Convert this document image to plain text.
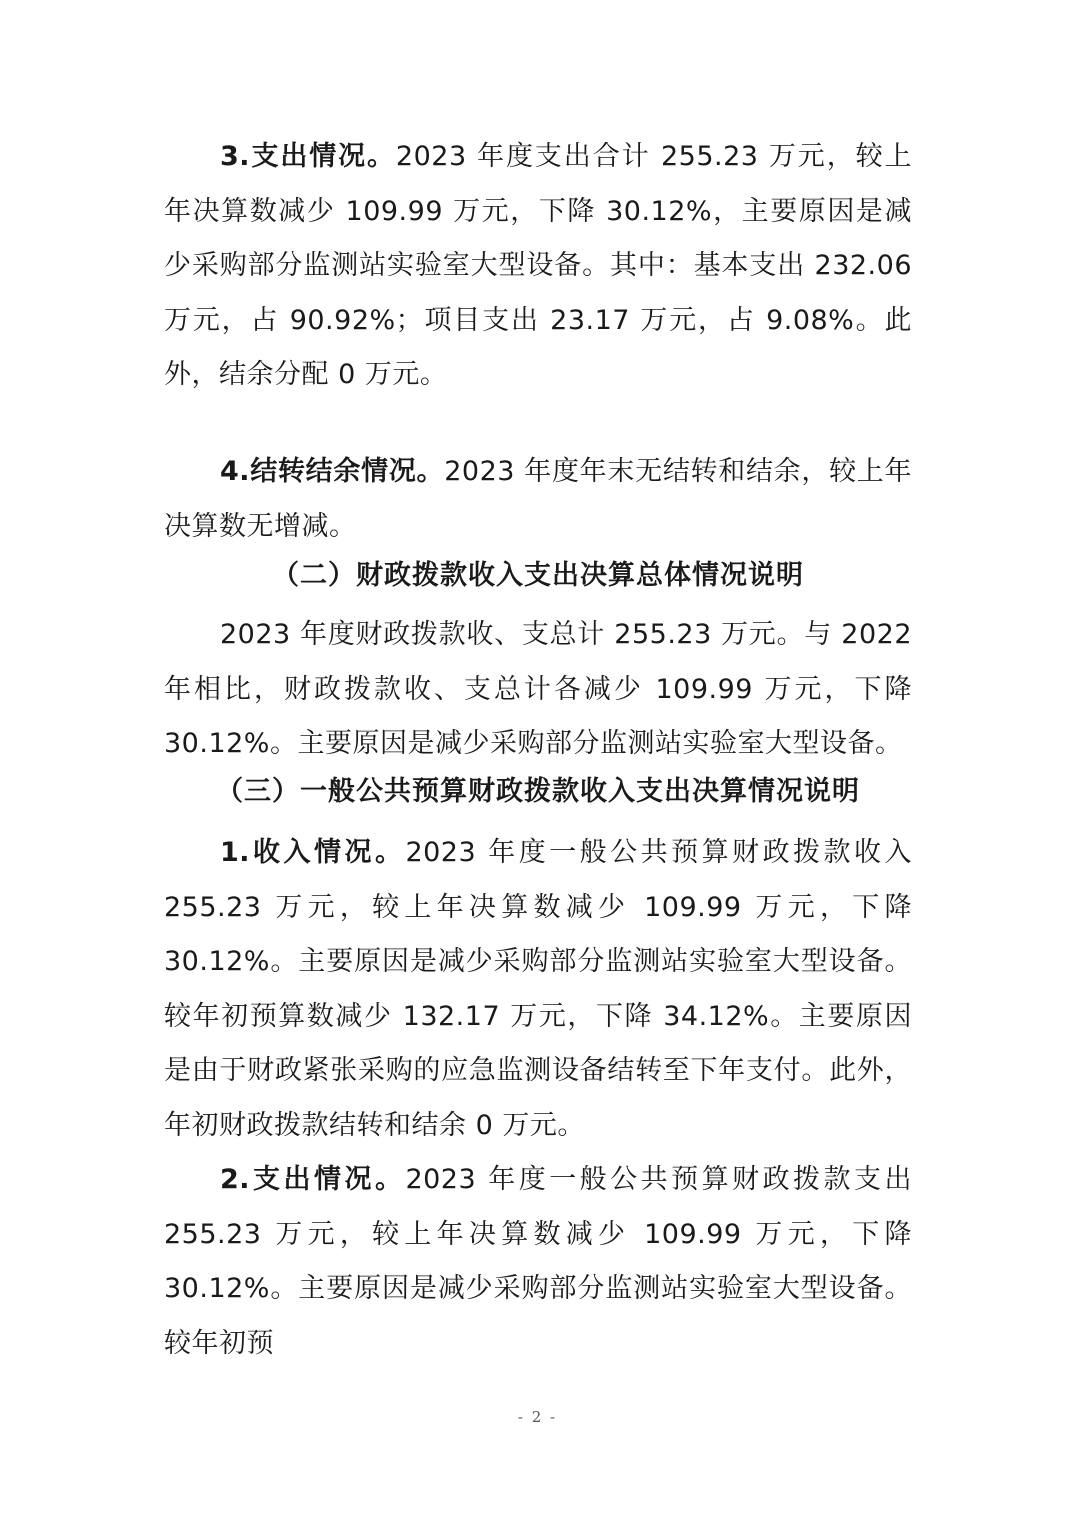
3.支出情况。2023 年度支出合计 255.23 万元，较上年决算数减少 109.99 万元，下降 30.12%，主要原因是减少采购部分监测站实验室大型设备。其中：基本支出 232.06 万元，占 90.92%；项目支出 23.17 万元，占 9.08%。此外，结余分配 0 万元。

4.结转结余情况。2023 年度年末无结转和结余，较上年决算数无增减。

（二）财政拨款收入支出决算总体情况说明

2023 年度财政拨款收、支总计 255.23 万元。与 2022 年相比，财政拨款收、支总计各减少 109.99 万元，下降 30.12%。主要原因是减少采购部分监测站实验室大型设备。

（三）一般公共预算财政拨款收入支出决算情况说明

1.收入情况。2023 年度一般公共预算财政拨款收入 255.23 万元，较上年决算数减少 109.99 万元，下降 30.12%。主要原因是减少采购部分监测站实验室大型设备。较年初预算数减少 132.17 万元，下降 34.12%。主要原因是由于财政紧张采购的应急监测设备结转至下年支付。此外，年初财政拨款结转和结余 0 万元。

2.支出情况。2023 年度一般公共预算财政拨款支出 255.23 万元，较上年决算数减少 109.99 万元，下降 30.12%。主要原因是减少采购部分监测站实验室大型设备。较年初预

- 2 -
